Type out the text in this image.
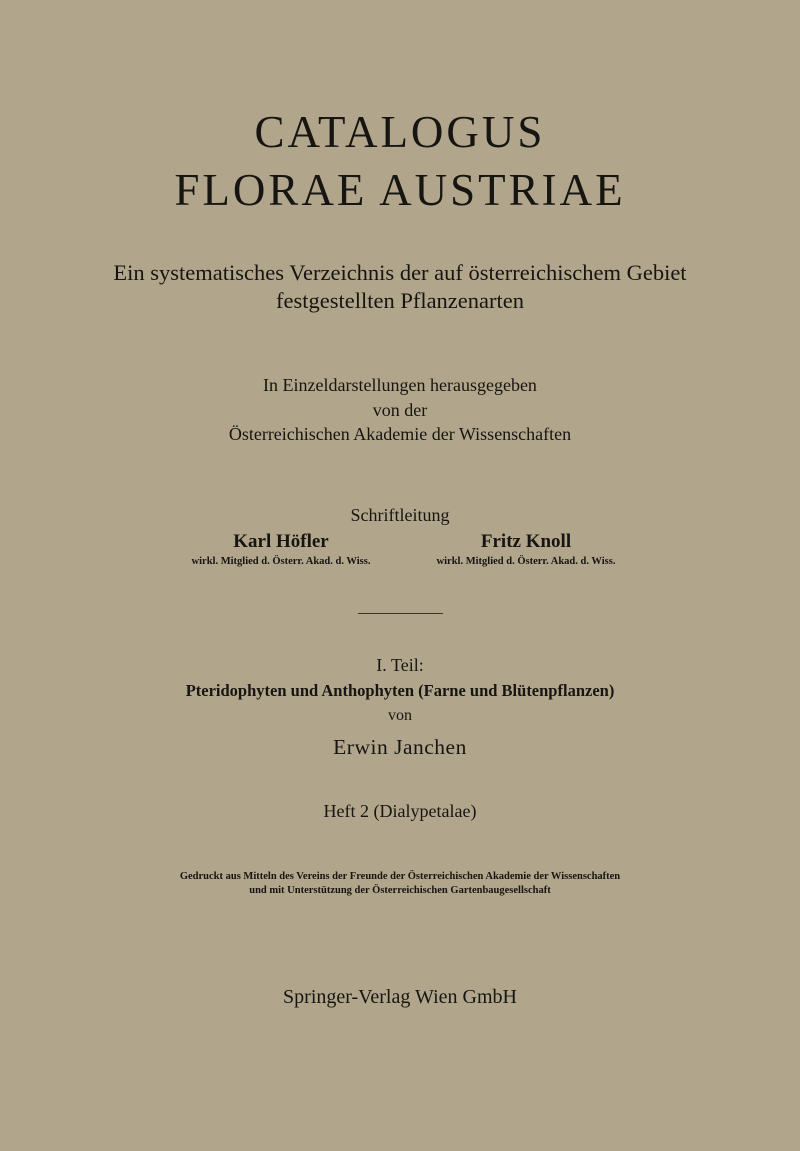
CATALOGUS
FLORAE AUSTRIAE
Ein systematisches Verzeichnis der auf österreichischem Gebiet
festgestellten Pflanzenarten
In Einzeldarstellungen herausgegeben
von der
Österreichischen Akademie der Wissenschaften
Schriftleitung
Karl Höfler
wirkl. Mitglied d. Österr. Akad. d. Wiss.
Fritz Knoll
wirkl. Mitglied d. Österr. Akad. d. Wiss.
I. Teil:
Pteridophyten und Anthophyten (Farne und Blütenpflanzen)
von
Erwin Janchen
Heft 2 (Dialypetalae)
Gedruckt aus Mitteln des Vereins der Freunde der Österreichischen Akademie der Wissenschaften
und mit Unterstützung der Österreichischen Gartenbaugesellschaft
Springer-Verlag Wien GmbH
